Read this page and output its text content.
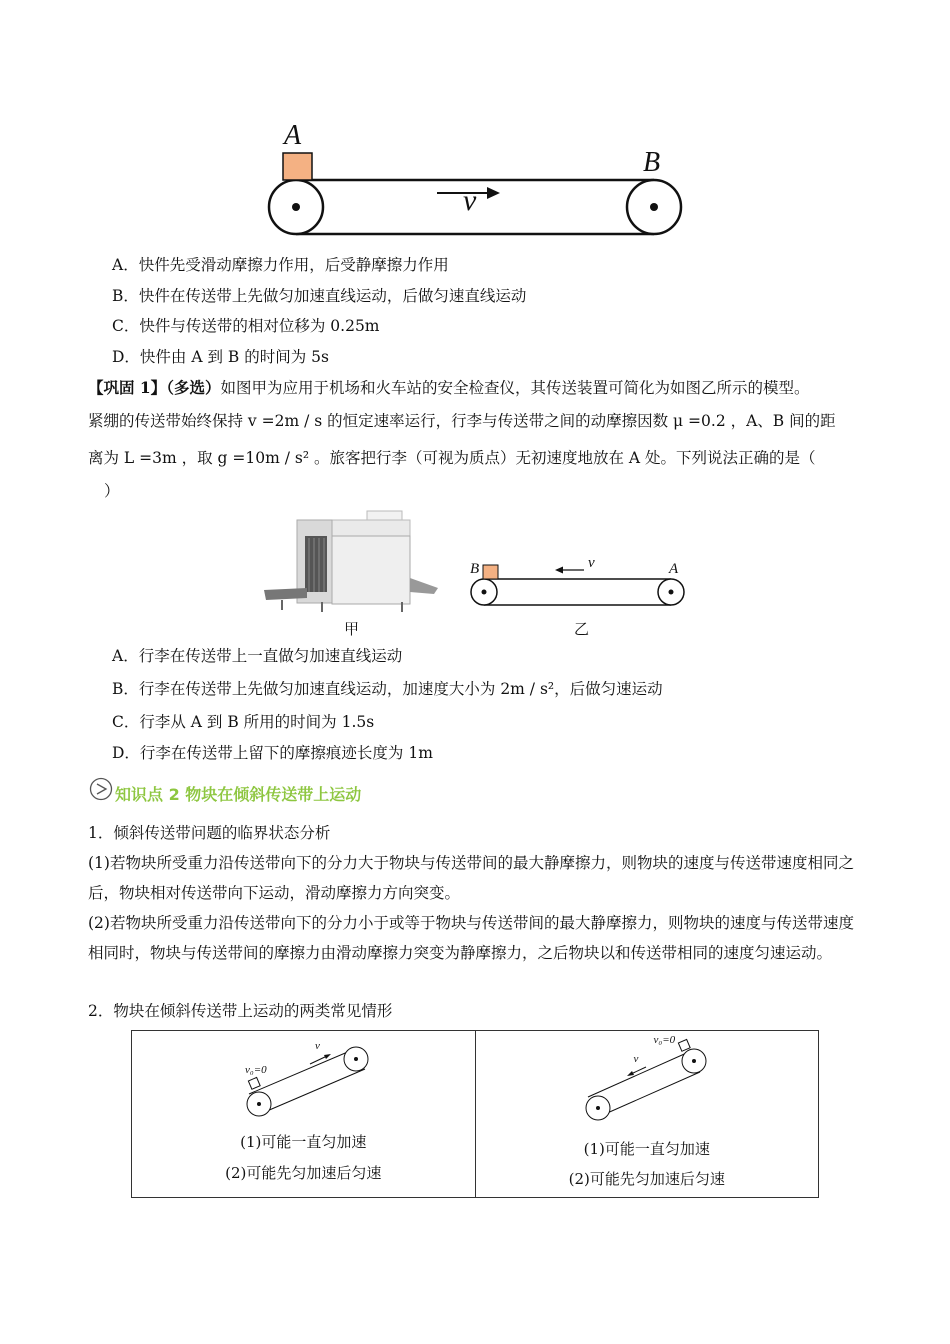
A
B
v
A．快件先受滑动摩擦力作用，后受静摩擦力作用
B．快件在传送带上先做匀加速直线运动，后做匀速直线运动
C．快件与传送带的相对位移为 0.25m
D．快件由 A 到 B 的时间为 5s
【巩固 1】（多选）如图甲为应用于机场和火车站的安全检查仪，其传送装置可简化为如图乙所示的模型。
紧绷的传送带始终保持 v =2m / s 的恒定速率运行，行李与传送带之间的动摩擦因数 μ =0.2 ，A、B 间的距
离为 L =3m ，取 g =10m / s² 。旅客把行李（可视为质点）无初速度地放在 A 处。下列说法正确的是（
）
B	A
v
甲	乙
A．行李在传送带上一直做匀加速直线运动
B．行李在传送带上先做匀加速直线运动，加速度大小为 2m / s²，后做匀速运动
C．行李从 A 到 B 所用的时间为 1.5s
D．行李在传送带上留下的摩擦痕迹长度为 1m
知识点 2 物块在倾斜传送带上运动
1．倾斜传送带问题的临界状态分析
(1)若物块所受重力沿传送带向下的分力大于物块与传送带间的最大静摩擦力，则物块的速度与传送带速度相同之后，物块相对传送带向下运动，滑动摩擦力方向突变。
(2)若物块所受重力沿传送带向下的分力小于或等于物块与传送带间的最大静摩擦力，则物块的速度与传送带速度相同时，物块与传送带间的摩擦力由滑动摩擦力突变为静摩擦力，之后物块以和传送带相同的速度匀速运动。
2．物块在倾斜传送带上运动的两类常见情形
v₀=0
v
(1)可能一直匀加速
(2)可能先匀加速后匀速

v₀=0
v
(1)可能一直匀加速
(2)可能先匀加速后匀速
